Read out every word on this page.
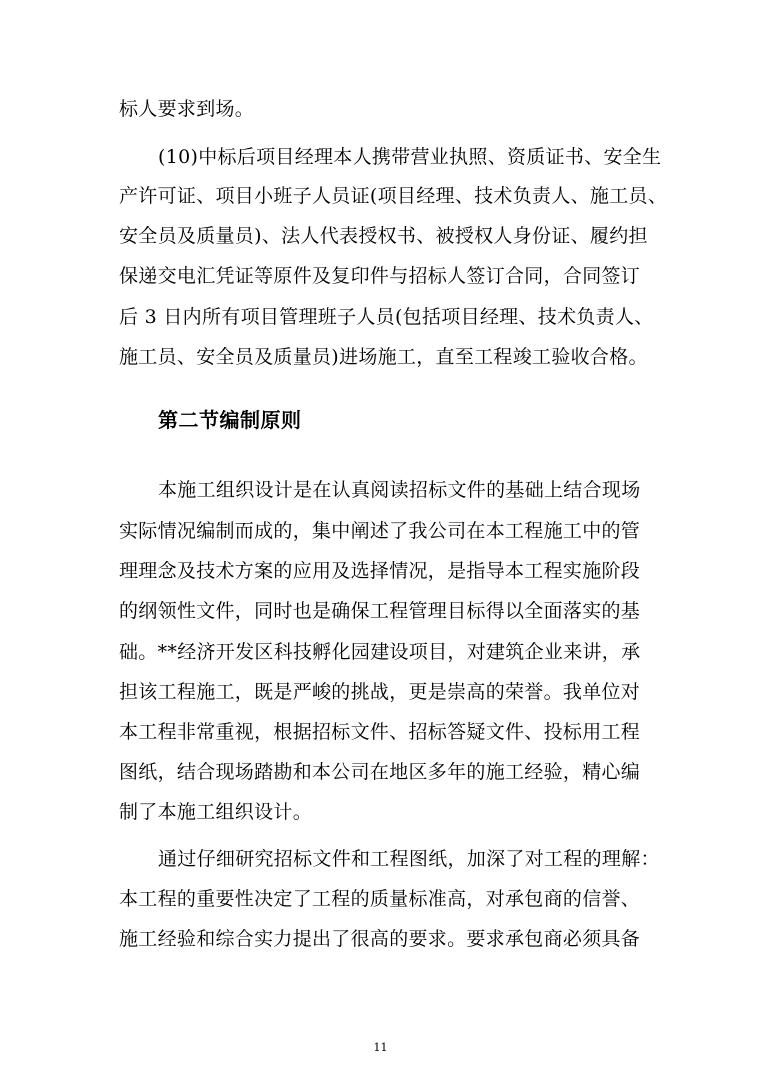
标人要求到场。
(10)中标后项目经理本人携带营业执照、资质证书、安全生
产许可证、项目小班子人员证(项目经理、技术负责人、施工员、
安全员及质量员)、法人代表授权书、被授权人身份证、履约担
保递交电汇凭证等原件及复印件与招标人签订合同，合同签订
后 3 日内所有项目管理班子人员(包括项目经理、技术负责人、
施工员、安全员及质量员)进场施工，直至工程竣工验收合格。
第二节编制原则
本施工组织设计是在认真阅读招标文件的基础上结合现场
实际情况编制而成的，集中阐述了我公司在本工程施工中的管
理理念及技术方案的应用及选择情况，是指导本工程实施阶段
的纲领性文件，同时也是确保工程管理目标得以全面落实的基
础。**经济开发区科技孵化园建设项目，对建筑企业来讲，承
担该工程施工，既是严峻的挑战，更是崇高的荣誉。我单位对
本工程非常重视，根据招标文件、招标答疑文件、投标用工程
图纸，结合现场踏勘和本公司在地区多年的施工经验，精心编
制了本施工组织设计。
通过仔细研究招标文件和工程图纸，加深了对工程的理解：
本工程的重要性决定了工程的质量标准高，对承包商的信誉、
施工经验和综合实力提出了很高的要求。要求承包商必须具备
11
